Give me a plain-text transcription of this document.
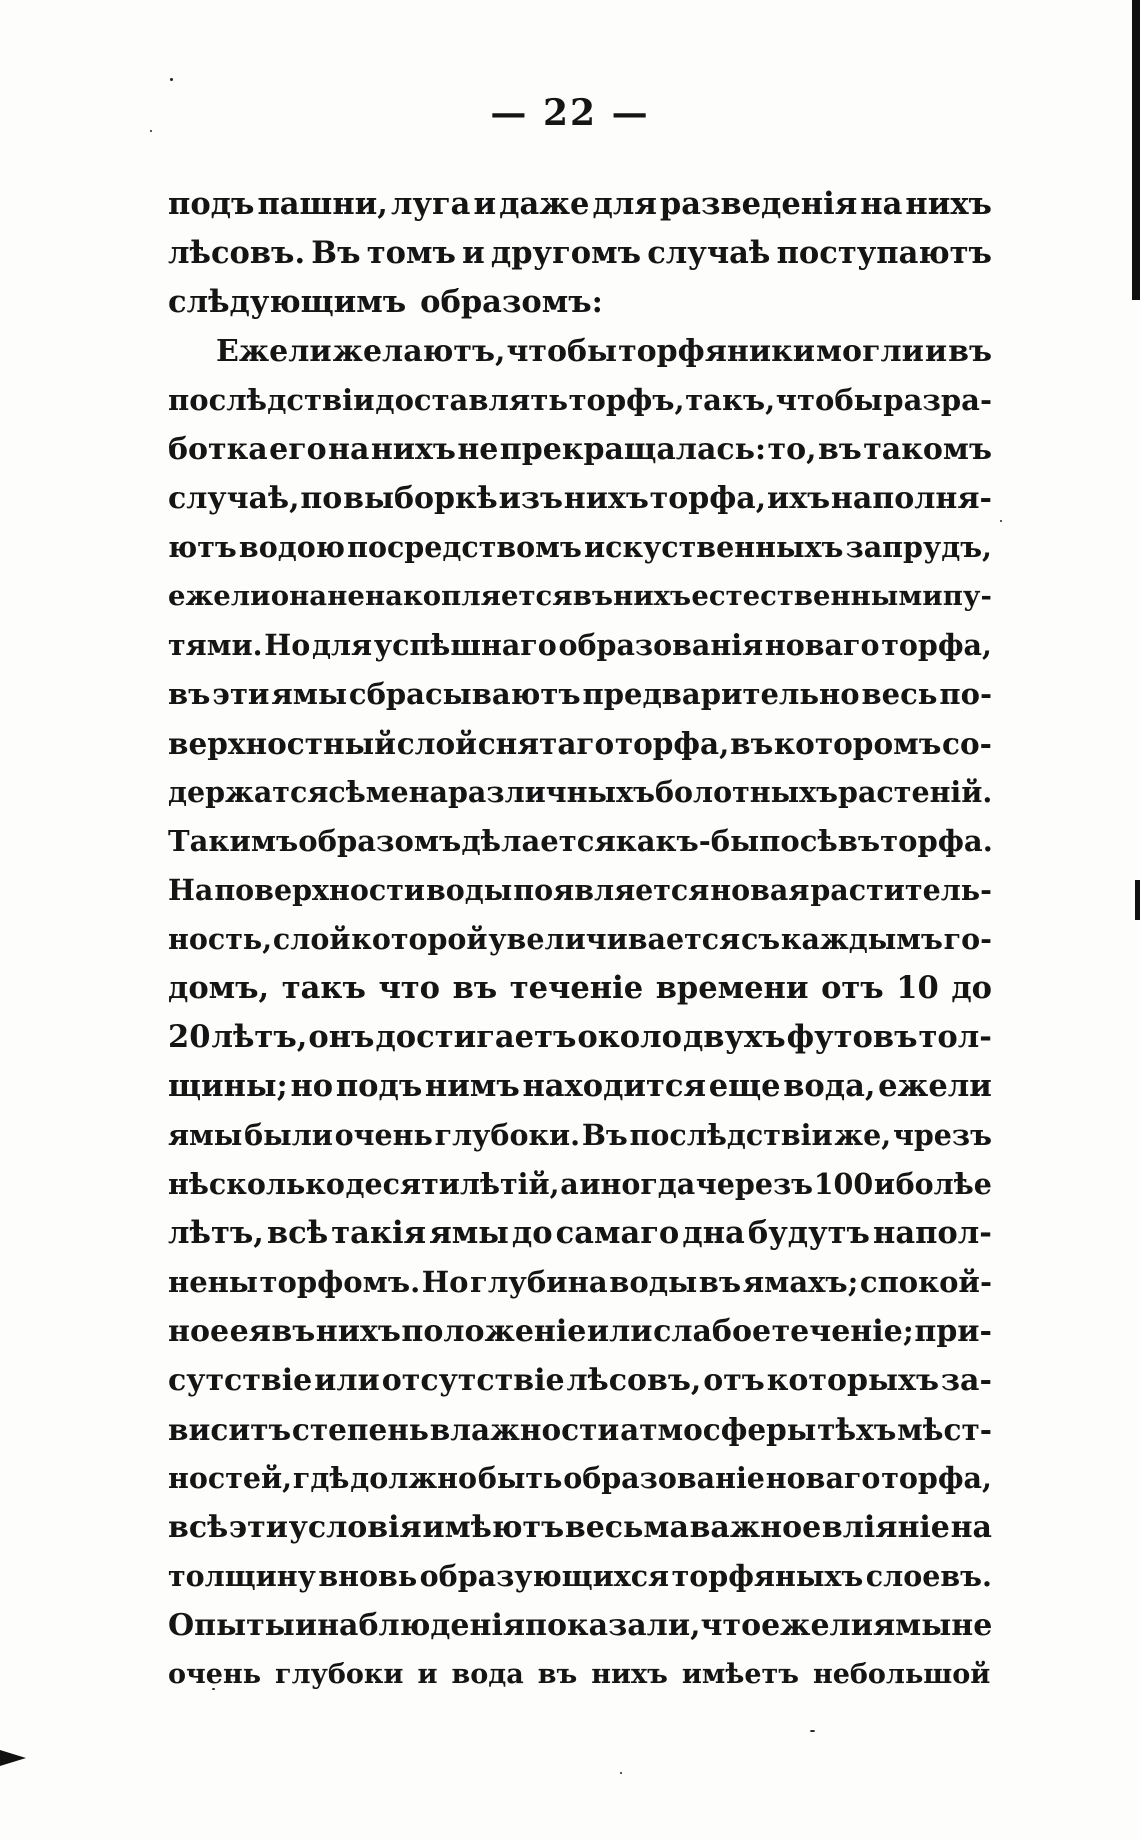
— 22 —
подъ пашни, луга и даже для разведенія на нихъ
лѣсовъ. Въ томъ и другомъ случаѣ поступаютъ
слѣдующимъ образомъ:
Ежели желаютъ, чтобы торфяники могли и въ
послѣдствіи доставлять торфъ, такъ, чтобы разра-
ботка его на нихъ не прекращалась: то, въ такомъ
случаѣ, по выборкѣ изъ нихъ торфа, ихъ наполня-
ютъ водою посредствомъ искуственныхъ запрудъ,
ежели она не накопляется въ нихъ естественными пу-
тями. Но для успѣшнаго образованія новаго торфа,
въ эти ямы сбрасываютъ предварительно весь по-
верхностный слой снятаго торфа, въ которомъ со-
держатся сѣмена различныхъ болотныхъ растеній.
Такимъ образомъ дѣлается какъ-бы посѣвъ торфа.
На поверхности воды появляется новая раститель-
ность, слой которой увеличивается съ каждымъ го-
домъ, такъ что въ теченіе времени отъ 10 до
20 лѣтъ, онъ достигаетъ около двухъ футовъ тол-
щины; но подъ нимъ находится еще вода, ежели
ямы были очень глубоки. Въ послѣдствіи же, чрезъ
нѣсколько десятилѣтій, а иногда черезъ 100 и болѣе
лѣтъ, всѣ такія ямы до самаго дна будутъ напол-
нены торфомъ. Но глубина воды въ ямахъ; спокой-
ное ея въ нихъ положеніе или слабое теченіе; при-
сутствіе или отсутствіе лѣсовъ, отъ которыхъ за-
виситъ степень влажности атмосферы тѣхъ мѣст-
ностей, гдѣ должно быть образованіе новаго торфа,
всѣ эти условія имѣютъ весьма важное вліяніе на
толщину вновь образующихся торфяныхъ слоевъ.
Опыты и наблюденія показали, что ежели ямы не
очень глубоки и вода въ нихъ имѣетъ небольшой
